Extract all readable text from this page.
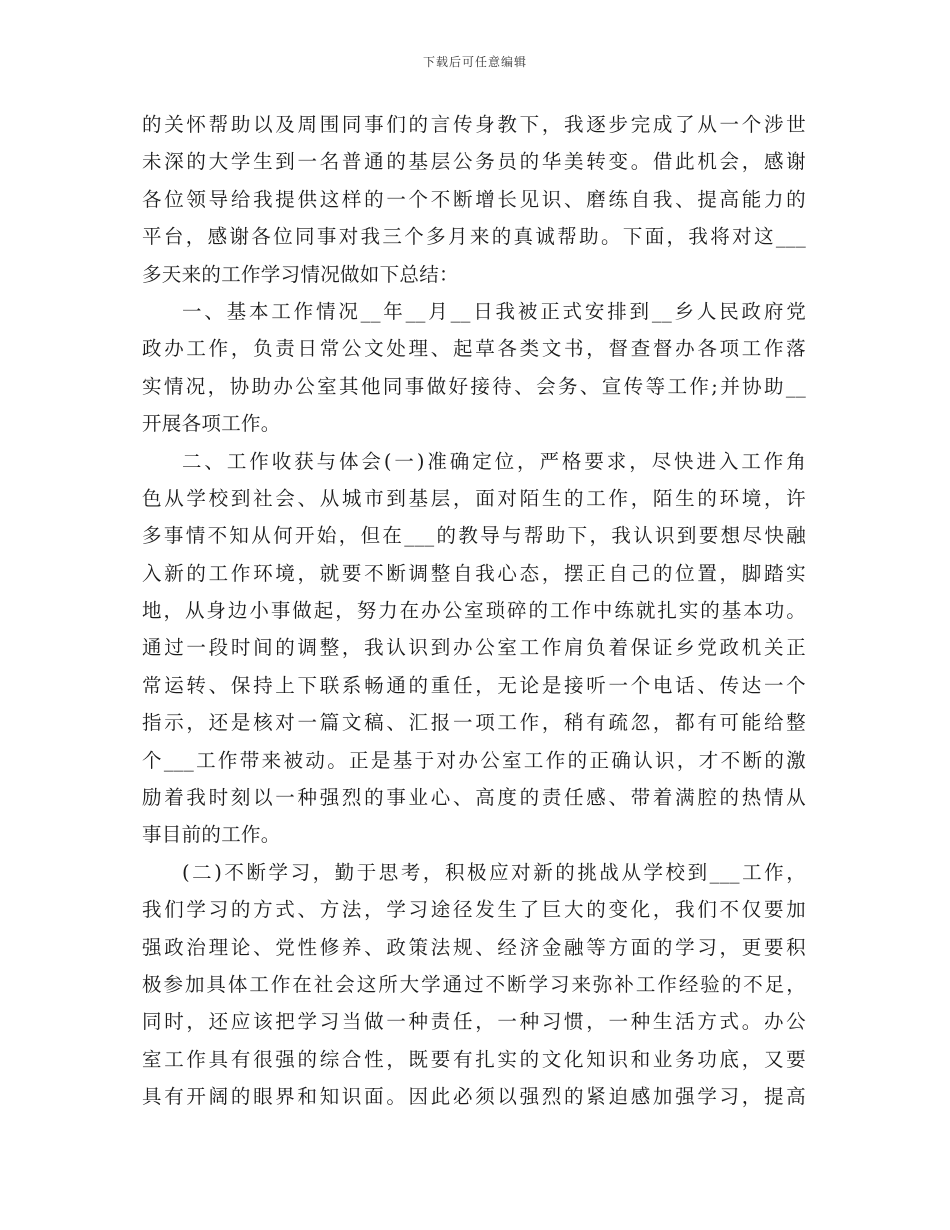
下载后可任意编辑
的关怀帮助以及周围同事们的言传身教下，我逐步完成了从一个涉世
未深的大学生到一名普通的基层公务员的华美转变。借此机会，感谢
各位领导给我提供这样的一个不断增长见识、磨练自我、提高能力的
平台，感谢各位同事对我三个多月来的真诚帮助。下面，我将对这___
多天来的工作学习情况做如下总结：
一、基本工作情况__年__月__日我被正式安排到__乡人民政府党
政办工作，负责日常公文处理、起草各类文书，督查督办各项工作落
实情况，协助办公室其他同事做好接待、会务、宣传等工作;并协助__
开展各项工作。
二、工作收获与体会(一)准确定位，严格要求，尽快进入工作角
色从学校到社会、从城市到基层，面对陌生的工作，陌生的环境，许
多事情不知从何开始，但在___的教导与帮助下，我认识到要想尽快融
入新的工作环境，就要不断调整自我心态，摆正自己的位置，脚踏实
地，从身边小事做起，努力在办公室琐碎的工作中练就扎实的基本功。
通过一段时间的调整，我认识到办公室工作肩负着保证乡党政机关正
常运转、保持上下联系畅通的重任，无论是接听一个电话、传达一个
指示，还是核对一篇文稿、汇报一项工作，稍有疏忽，都有可能给整
个___工作带来被动。正是基于对办公室工作的正确认识，才不断的激
励着我时刻以一种强烈的事业心、高度的责任感、带着满腔的热情从
事目前的工作。
(二)不断学习，勤于思考，积极应对新的挑战从学校到___工作，
我们学习的方式、方法，学习途径发生了巨大的变化，我们不仅要加
强政治理论、党性修养、政策法规、经济金融等方面的学习，更要积
极参加具体工作在社会这所大学通过不断学习来弥补工作经验的不足，
同时，还应该把学习当做一种责任，一种习惯，一种生活方式。办公
室工作具有很强的综合性，既要有扎实的文化知识和业务功底，又要
具有开阔的眼界和知识面。因此必须以强烈的紧迫感加强学习，提高
